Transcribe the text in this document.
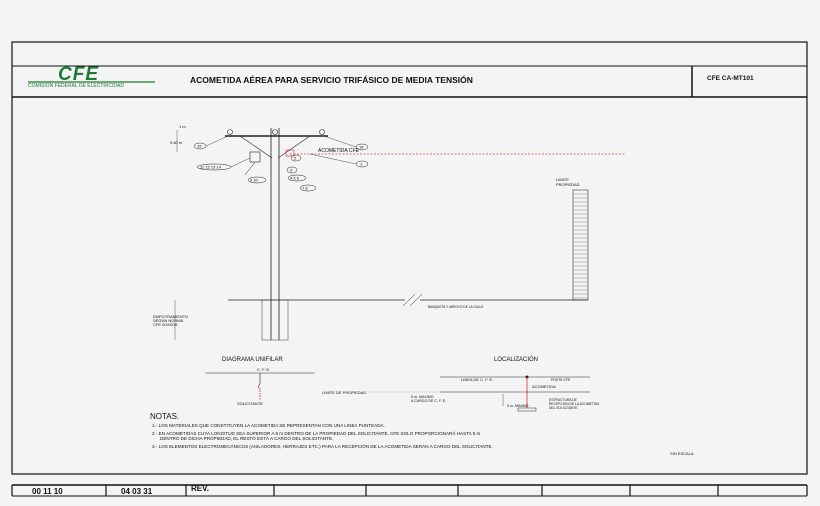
CFE
COMISION FEDERAL DE ELECTRICIDAD
ACOMETIDA AÉREA PARA SERVICIO TRIFÁSICO DE MEDIA TENSIÓN	CFE CA-MT101
1 m
0.60 m
ACOMETIDA CFE
15	16
1
2
3
11 12 13 14
9 10	4 5 6
7 8
LIMITE
PROPIEDAD
BANQUETA Y ARROYO DE LA CALLE
EMPOTRAMIENTO
SEGÚN NORMA
CFE 00J0015
DIAGRAMA UNIFILAR
C. F. E.
SOLICITANTE
LOCALIZACIÓN
LINEA DE C. F. E.	POSTE CFE
ACOMETIDA
LIMITE DE PROPIEDAD
5 m. MAXIMO
A CARGO DE C. F. E.
5 m. MINIMO
ESTRUCTURA DE
RECEPCION DE LA ACOMETIDA
DEL SOLICITANTE
NOTAS.
1.- LOS MATERIALES QUE CONSTITUYEN LA ACOMETIDA SE REPRESENTAN CON UNA LINEA PUNTEADA.
2.- EN ACOMETIDAS CUYA LONGITUD SEA SUPERIOR A 5 m DENTRO DE LA PROPIEDAD DEL SOLICITANTE, CFE SOLO PROPORCIONARÁ HASTA 5 m
DENTRO DE DICHA PROPIEDAD, EL RESTO ESTÁ A CARGO DEL SOLICITANTE.
3.- LOS ELEMENTOS ELECTROMECÁNICOS (AISLADORES, HERRAJES ETC.) PARA LA RECEPCIÓN DE LA ACOMETIDA SERÁN A CARGO DEL SOLICITANTE.
SIN ESCALA
00 11 10	04 03 31	REV.
